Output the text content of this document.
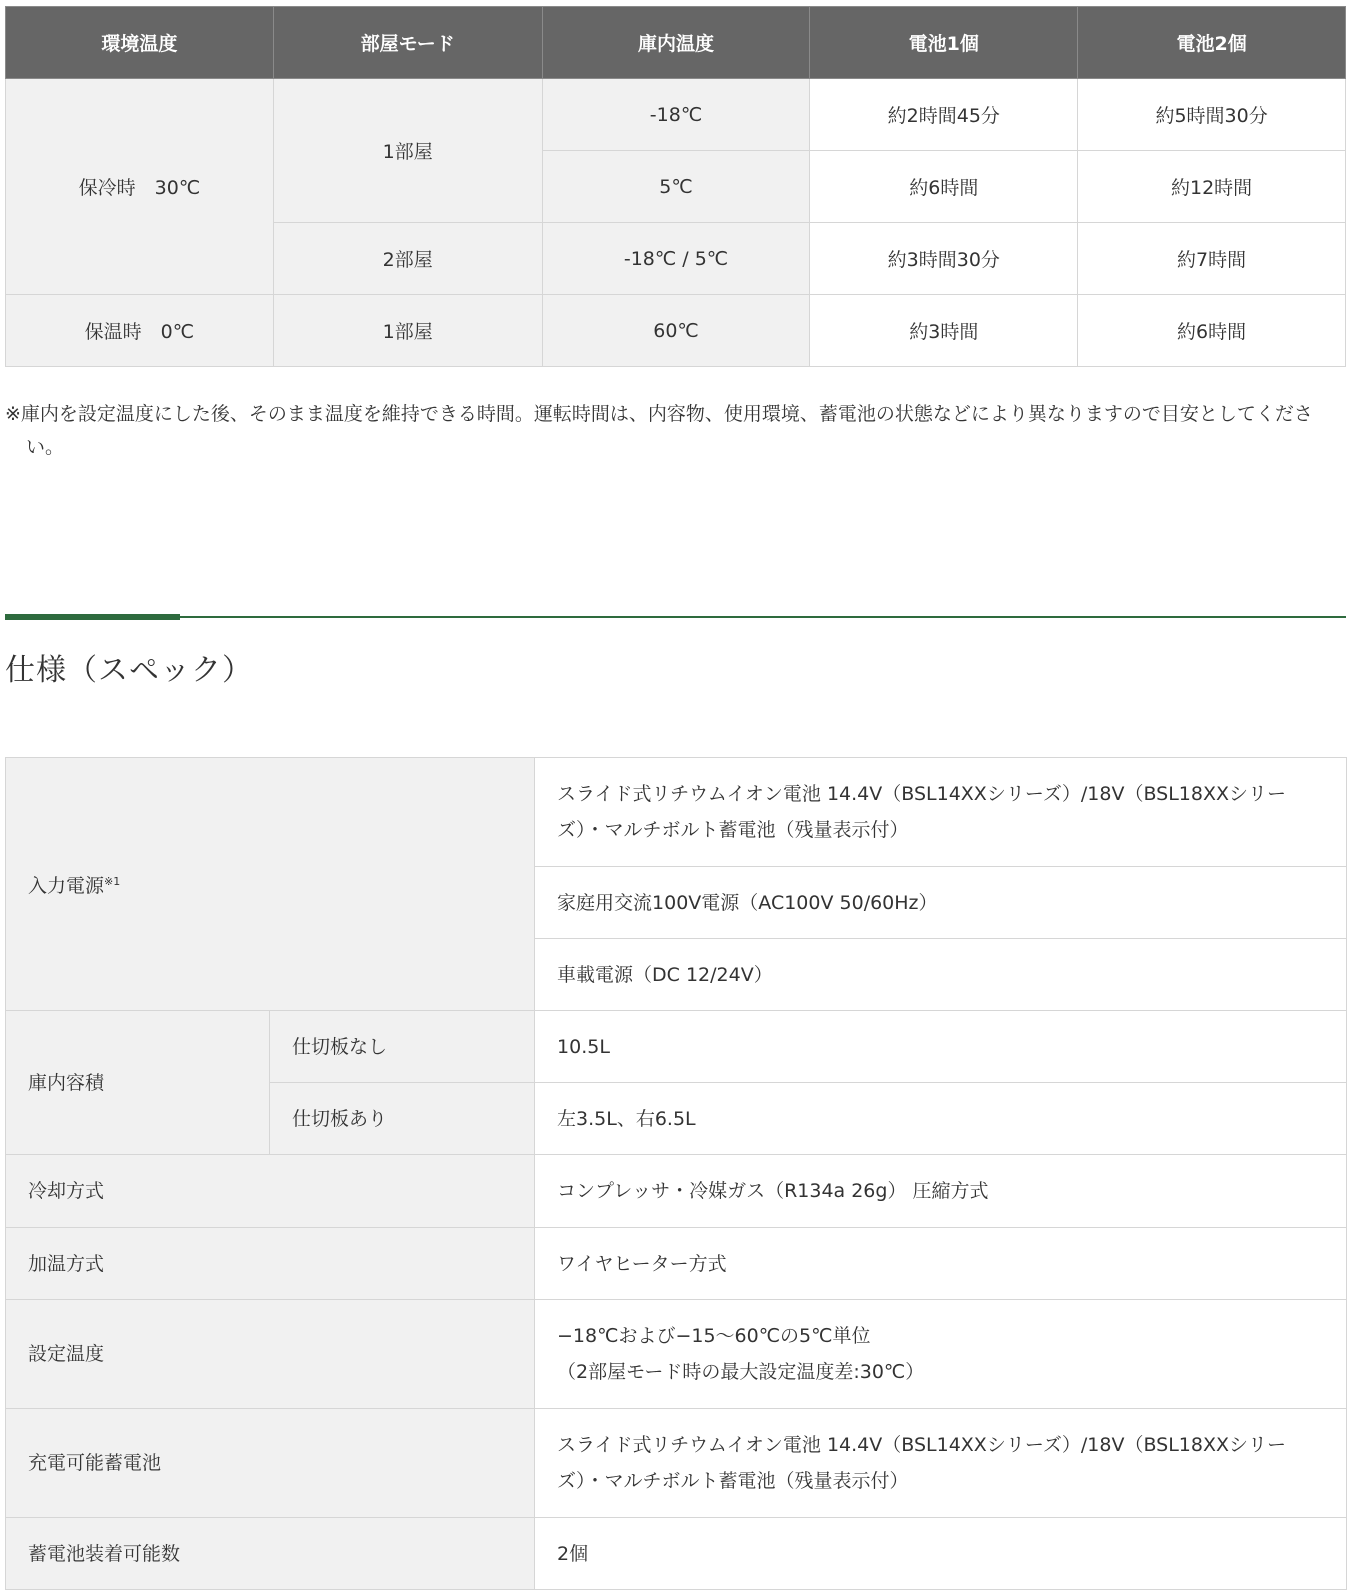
環境温度	部屋モード	庫内温度	電池1個	電池2個
保冷時　30℃	1部屋	-18℃	約2時間45分	約5時間30分
		5℃	約6時間	約12時間
	2部屋	-18℃ / 5℃	約3時間30分	約7時間
保温時　0℃	1部屋	60℃	約3時間	約6時間

※庫内を設定温度にした後、そのまま温度を維持できる時間。運転時間は、内容物、使用環境、蓄電池の状態などにより異なりますので目安としてください。

仕様（スペック）
入力電源$^{※1}$		スライド式リチウムイオン電池 14.4V（BSL14XXシリーズ）/18V（BSL18XXシリーズ）・マルチボルト蓄電池（残量表示付）
		家庭用交流100V電源（AC100V 50/60Hz）
		車載電源（DC 12/24V）
庫内容積	仕切板なし	10.5L
	仕切板あり	左3.5L、右6.5L
冷却方式		コンプレッサ・冷媒ガス（R134a 26g） 圧縮方式
加温方式		ワイヤヒーター方式
設定温度		−18℃および−15〜60℃の5℃単位
（2部屋モード時の最大設定温度差:30℃）

充電可能蓄電池		スライド式リチウムイオン電池 14.4V（BSL14XXシリーズ）/18V（BSL18XXシリーズ）・マルチボルト蓄電池（残量表示付）
蓄電池装着可能数		2個
